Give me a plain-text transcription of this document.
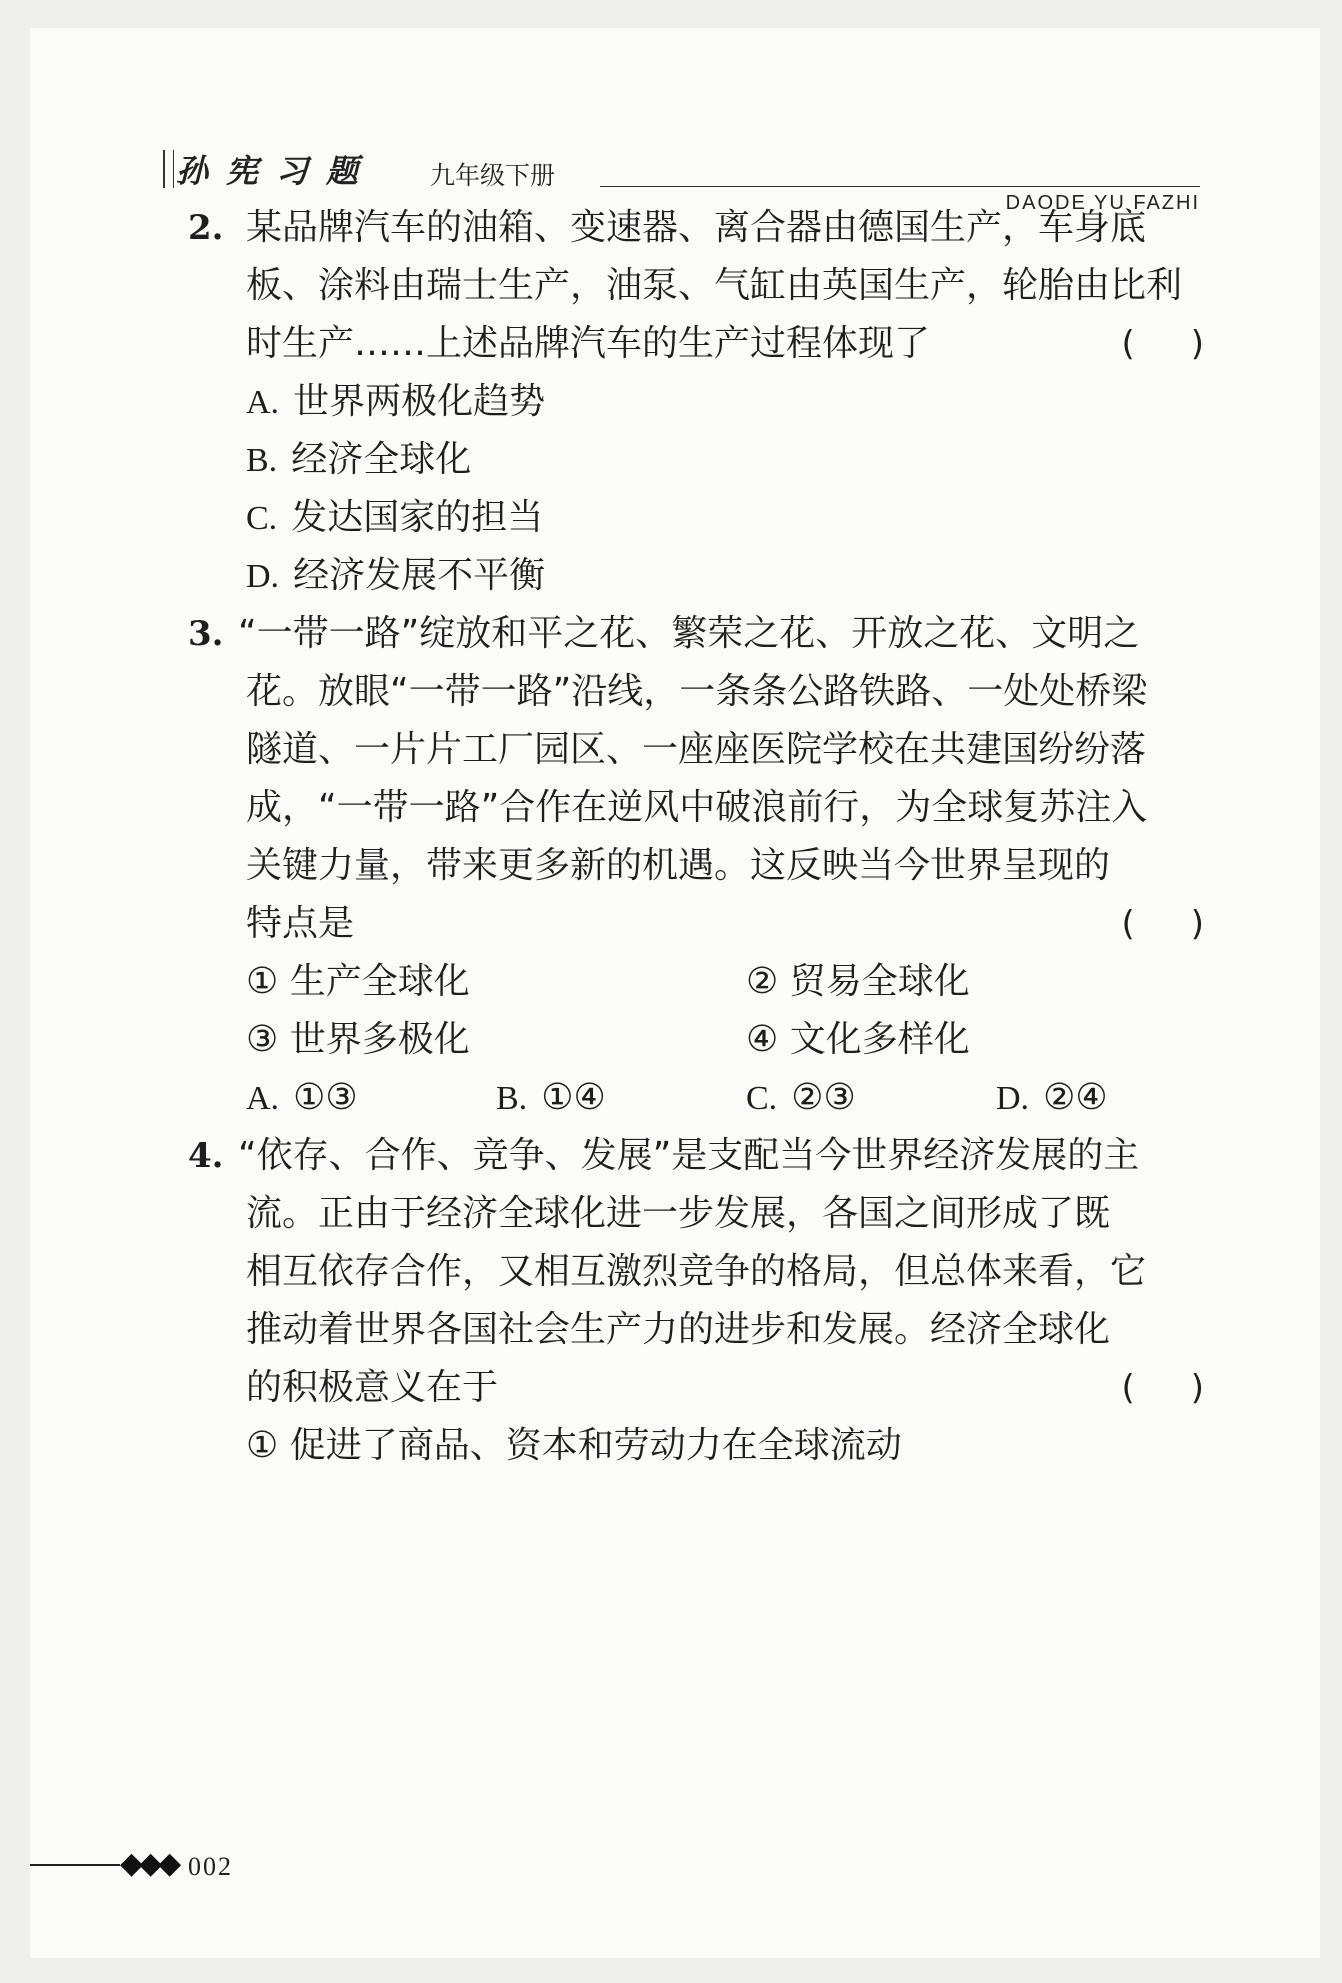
孙宪习题 九年级下册
DAODE YU FAZHI
2. 某品牌汽车的油箱、变速器、离合器由德国生产，车身底
板、涂料由瑞士生产，油泵、气缸由英国生产，轮胎由比利
时生产……上述品牌汽车的生产过程体现了	( )
A. 世界两极化趋势
B. 经济全球化
C. 发达国家的担当
D. 经济发展不平衡
3. “一带一路”绽放和平之花、繁荣之花、开放之花、文明之
花。放眼“一带一路”沿线，一条条公路铁路、一处处桥梁
隧道、一片片工厂园区、一座座医院学校在共建国纷纷落
成，“一带一路”合作在逆风中破浪前行，为全球复苏注入
关键力量，带来更多新的机遇。这反映当今世界呈现的
特点是	( )
① 生产全球化	② 贸易全球化
③ 世界多极化	④ 文化多样化
A. ①③	B. ①④	C. ②③	D. ②④
4. “依存、合作、竞争、发展”是支配当今世界经济发展的主
流。正由于经济全球化进一步发展，各国之间形成了既
相互依存合作，又相互激烈竞争的格局，但总体来看，它
推动着世界各国社会生产力的进步和发展。经济全球化
的积极意义在于	( )
① 促进了商品、资本和劳动力在全球流动
◆◆◆ 002
